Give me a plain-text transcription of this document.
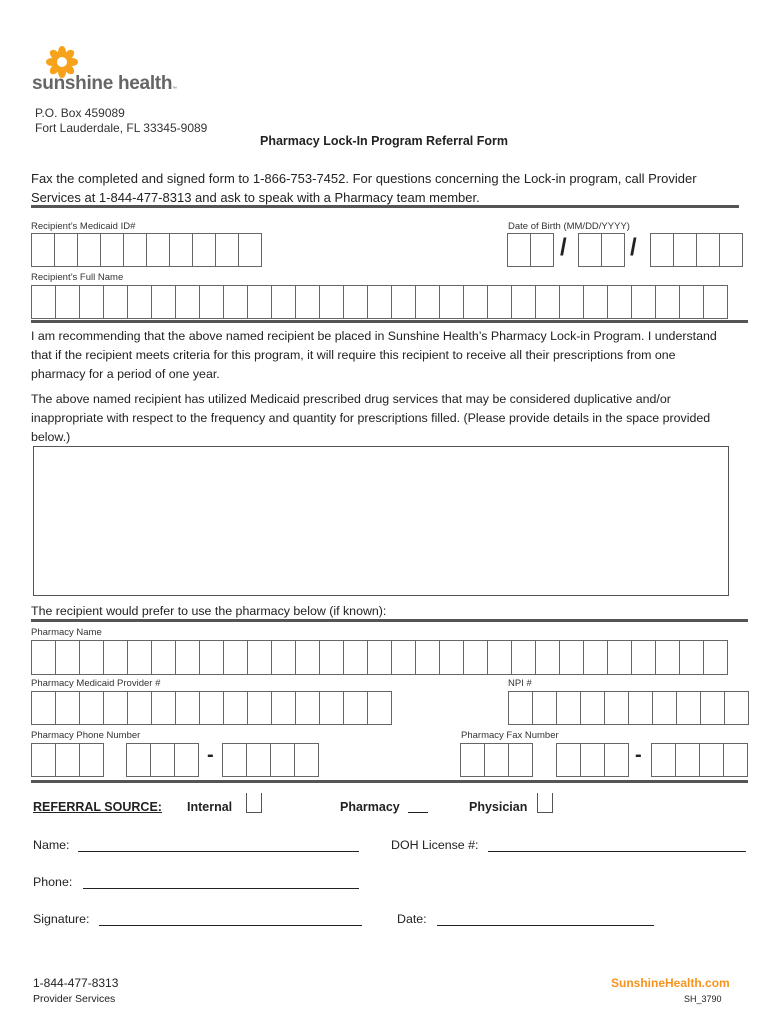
sunshine health ™
P.O. Box 459089
Fort Lauderdale, FL 33345-9089
Pharmacy Lock-In Program Referral Form
Fax the completed and signed form to 1-866-753-7452. For questions concerning the Lock-in program, call Provider Services at 1-844-477-8313 and ask to speak with a Pharmacy team member.
Recipient’s Medicaid ID#	Date of Birth (MM/DD/YYYY)
/	/
Recipient’s Full Name
I am recommending that the above named recipient be placed in Sunshine Health’s Pharmacy Lock-in Program. I understand that if the recipient meets criteria for this program, it will require this recipient to receive all their prescriptions from one pharmacy for a period of one year.
The above named recipient has utilized Medicaid prescribed drug services that may be considered duplicative and/or inappropriate with respect to the frequency and quantity for prescriptions filled. (Please provide details in the space provided below.)
The recipient would prefer to use the pharmacy below (if known):
Pharmacy Name
Pharmacy Medicaid Provider #	NPI #
Pharmacy Phone Number	Pharmacy Fax Number
-	-
REFERRAL SOURCE: Internal	Pharmacy	Physician
Name:	DOH License #:
Phone:
Signature:	Date:
1-844-477-8313
Provider Services
SunshineHealth.com
SH_3790
